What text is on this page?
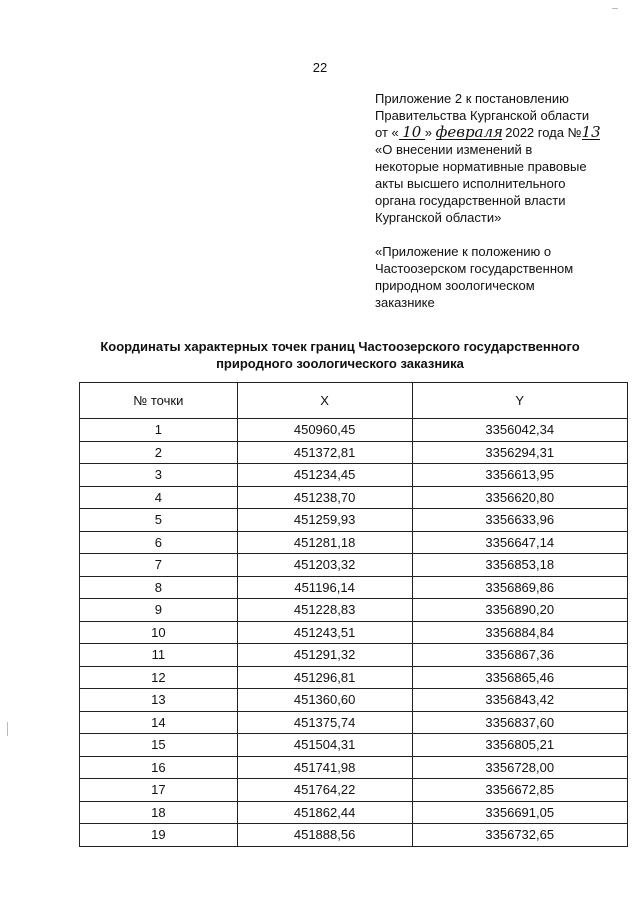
22
Приложение 2 к постановлению
Правительства Курганской области
от « 10 » февраля 2022 года №13
«О внесении изменений в
некоторые нормативные правовые
акты высшего исполнительного
органа государственной власти
Курганской области»
«Приложение к положению о
Частоозерском государственном
природном зоологическом
заказнике
Координаты характерных точек границ Частоозерского государственного
природного зоологического заказника
№ точки	X	Y
1	450960,45	3356042,34
2	451372,81	3356294,31
3	451234,45	3356613,95
4	451238,70	3356620,80
5	451259,93	3356633,96
6	451281,18	3356647,14
7	451203,32	3356853,18
8	451196,14	3356869,86
9	451228,83	3356890,20
10	451243,51	3356884,84
11	451291,32	3356867,36
12	451296,81	3356865,46
13	451360,60	3356843,42
14	451375,74	3356837,60
15	451504,31	3356805,21
16	451741,98	3356728,00
17	451764,22	3356672,85
18	451862,44	3356691,05
19	451888,56	3356732,65
